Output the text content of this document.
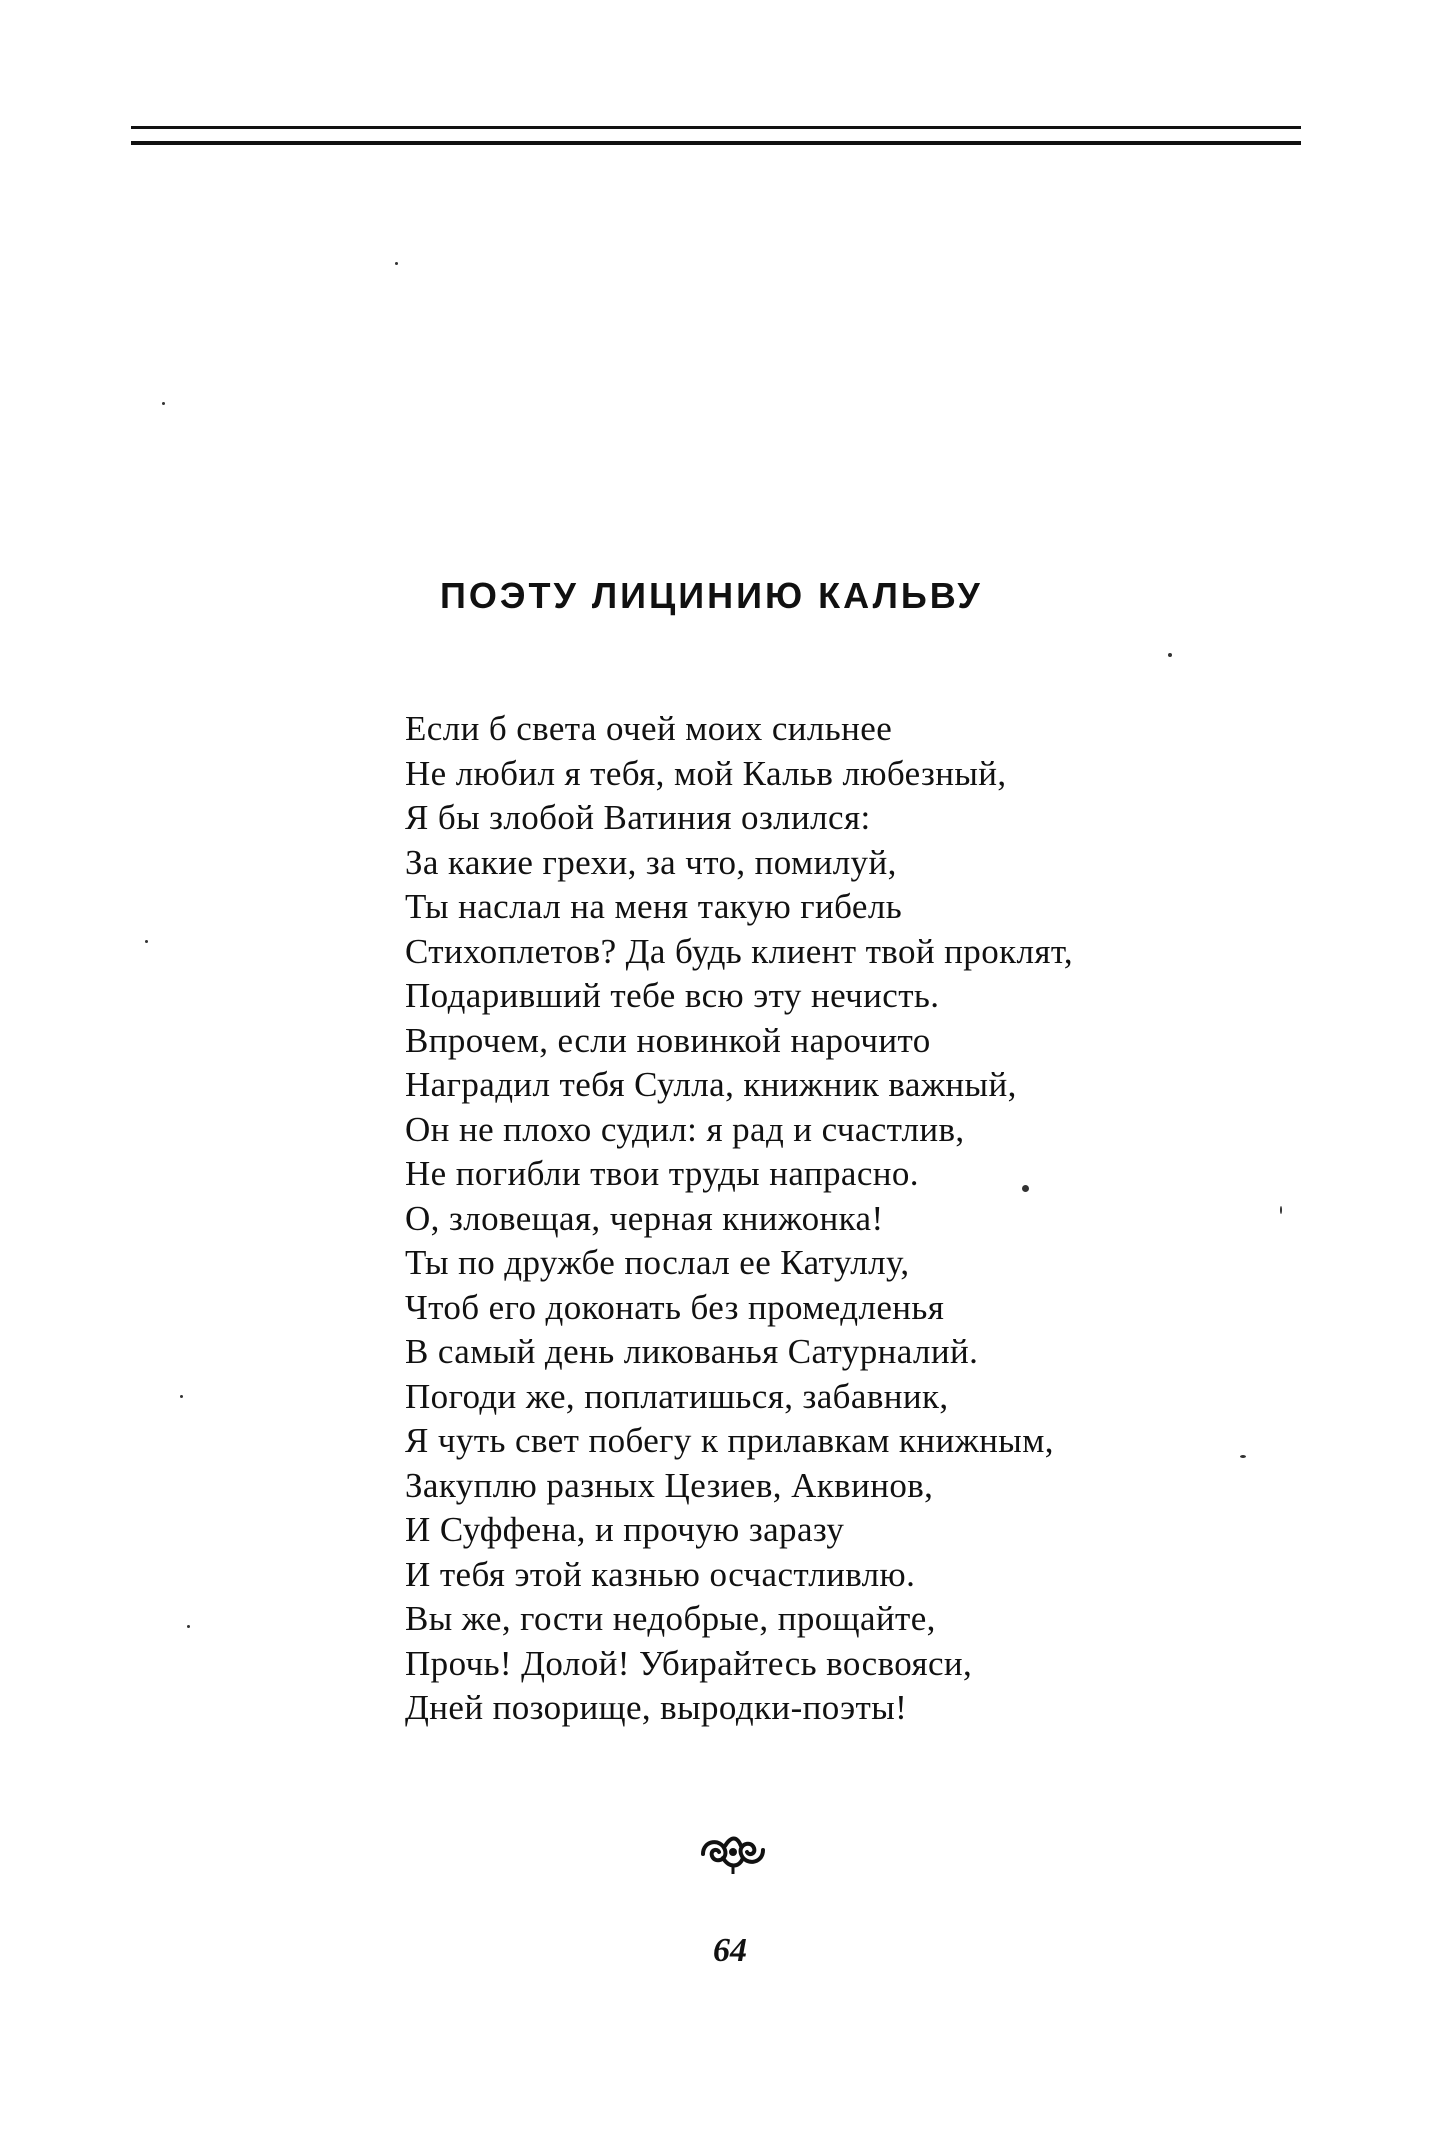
ПОЭТУ ЛИЦИНИЮ КАЛЬВУ
Если б света очей моих сильнее
Не любил я тебя, мой Кальв любезный,
Я бы злобой Ватиния озлился:
За какие грехи, за что, помилуй,
Ты наслал на меня такую гибель
Стихоплетов? Да будь клиент твой проклят,
Подаривший тебе всю эту нечисть.
Впрочем, если новинкой нарочито
Наградил тебя Сулла, книжник важный,
Он не плохо судил: я рад и счастлив,
Не погибли твои труды напрасно.
О, зловещая, черная книжонка!
Ты по дружбе послал ее Катуллу,
Чтоб его доконать без промедленья
В самый день ликованья Сатурналий.
Погоди же, поплатишься, забавник,
Я чуть свет побегу к прилавкам книжным,
Закуплю разных Цезиев, Аквинов,
И Суффена, и прочую заразу
И тебя этой казнью осчастливлю.
Вы же, гости недобрые, прощайте,
Прочь! Долой! Убирайтесь восвояси,
Дней позорище, выродки-поэты!
64
